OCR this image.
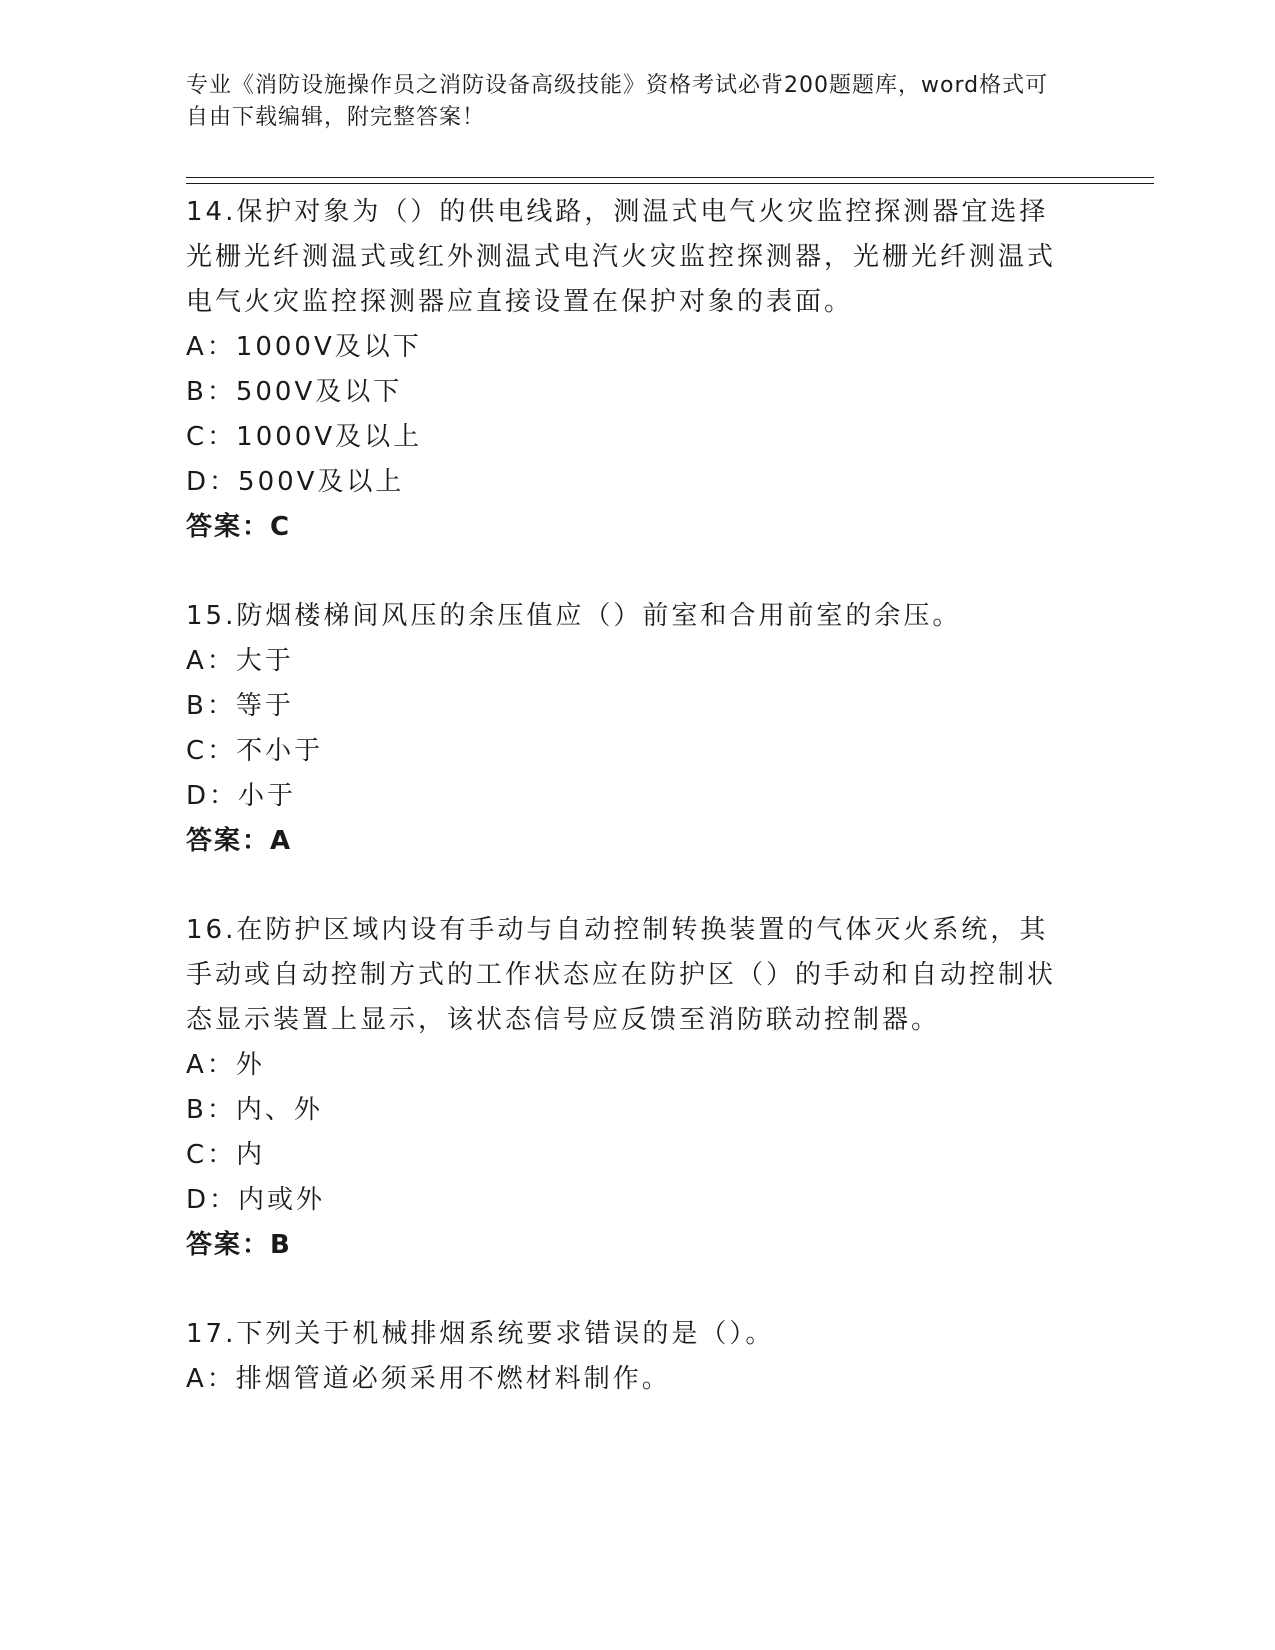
专业《消防设施操作员之消防设备高级技能》资格考试必背200题题库，word格式可自由下载编辑，附完整答案！
14.保护对象为（）的供电线路，测温式电气火灾监控探测器宜选择光栅光纤测温式或红外测温式电汽火灾监控探测器，光栅光纤测温式电气火灾监控探测器应直接设置在保护对象的表面。
A：1000V及以下
B：500V及以下
C：1000V及以上
D：500V及以上
答案：C
15.防烟楼梯间风压的余压值应（）前室和合用前室的余压。
A：大于
B：等于
C：不小于
D：小于
答案：A
16.在防护区域内设有手动与自动控制转换装置的气体灭火系统，其手动或自动控制方式的工作状态应在防护区（）的手动和自动控制状态显示装置上显示，该状态信号应反馈至消防联动控制器。
A：外
B：内、外
C：内
D：内或外
答案：B
17.下列关于机械排烟系统要求错误的是（）。
A：排烟管道必须采用不燃材料制作。
